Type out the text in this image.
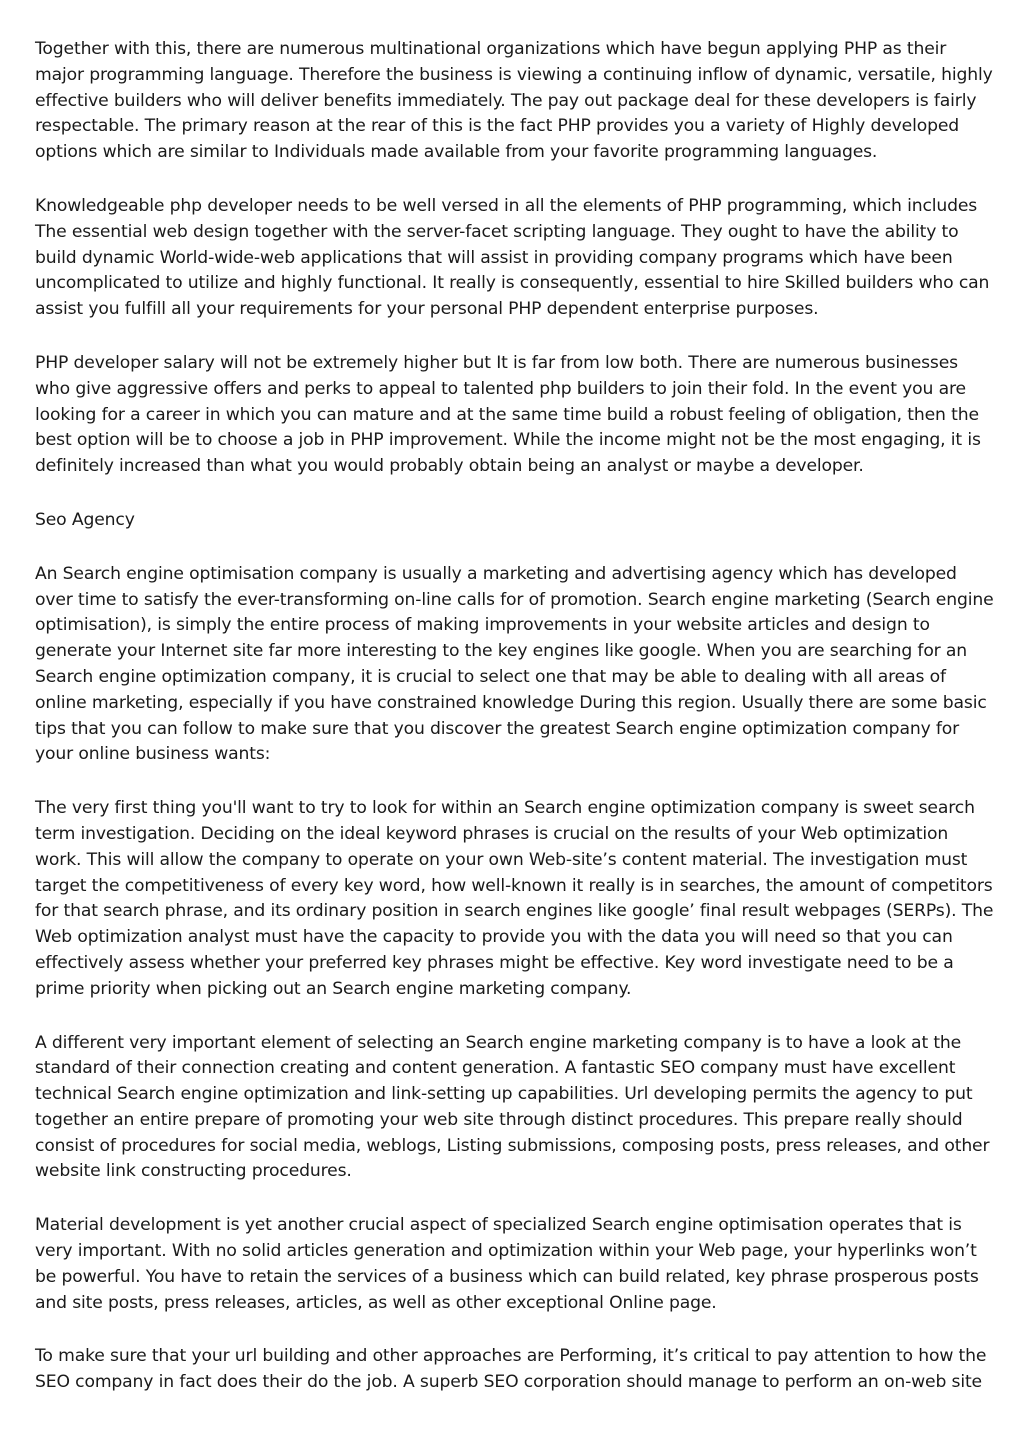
Together with this, there are numerous multinational organizations which have begun applying PHP as their major programming language. Therefore the business is viewing a continuing inflow of dynamic, versatile, highly effective builders who will deliver benefits immediately. The pay out package deal for these developers is fairly respectable. The primary reason at the rear of this is the fact PHP provides you a variety of Highly developed options which are similar to Individuals made available from your favorite programming languages.

Knowledgeable php developer needs to be well versed in all the elements of PHP programming, which includes The essential web design together with the server-facet scripting language. They ought to have the ability to build dynamic World-wide-web applications that will assist in providing company programs which have been uncomplicated to utilize and highly functional. It really is consequently, essential to hire Skilled builders who can assist you fulfill all your requirements for your personal PHP dependent enterprise purposes.

PHP developer salary will not be extremely higher but It is far from low both. There are numerous businesses who give aggressive offers and perks to appeal to talented php builders to join their fold. In the event you are looking for a career in which you can mature and at the same time build a robust feeling of obligation, then the best option will be to choose a job in PHP improvement. While the income might not be the most engaging, it is definitely increased than what you would probably obtain being an analyst or maybe a developer.

Seo Agency

An Search engine optimisation company is usually a marketing and advertising agency which has developed over time to satisfy the ever-transforming on-line calls for of promotion. Search engine marketing (Search engine optimisation), is simply the entire process of making improvements in your website articles and design to generate your Internet site far more interesting to the key engines like google. When you are searching for an Search engine optimization company, it is crucial to select one that may be able to dealing with all areas of online marketing, especially if you have constrained knowledge During this region. Usually there are some basic tips that you can follow to make sure that you discover the greatest Search engine optimization company for your online business wants:

The very first thing you'll want to try to look for within an Search engine optimization company is sweet search term investigation. Deciding on the ideal keyword phrases is crucial on the results of your Web optimization work. This will allow the company to operate on your own Web-site’s content material. The investigation must target the competitiveness of every key word, how well-known it really is in searches, the amount of competitors for that search phrase, and its ordinary position in search engines like google’ final result webpages (SERPs). The Web optimization analyst must have the capacity to provide you with the data you will need so that you can effectively assess whether your preferred key phrases might be effective. Key word investigate need to be a prime priority when picking out an Search engine marketing company.

A different very important element of selecting an Search engine marketing company is to have a look at the standard of their connection creating and content generation. A fantastic SEO company must have excellent technical Search engine optimization and link-setting up capabilities. Url developing permits the agency to put together an entire prepare of promoting your web site through distinct procedures. This prepare really should consist of procedures for social media, weblogs, Listing submissions, composing posts, press releases, and other website link constructing procedures.

Material development is yet another crucial aspect of specialized Search engine optimisation operates that is very important. With no solid articles generation and optimization within your Web page, your hyperlinks won’t be powerful. You have to retain the services of a business which can build related, key phrase prosperous posts and site posts, press releases, articles, as well as other exceptional Online page.

To make sure that your url building and other approaches are Performing, it’s critical to pay attention to how the SEO company in fact does their do the job. A superb SEO corporation should manage to perform an on-web site
